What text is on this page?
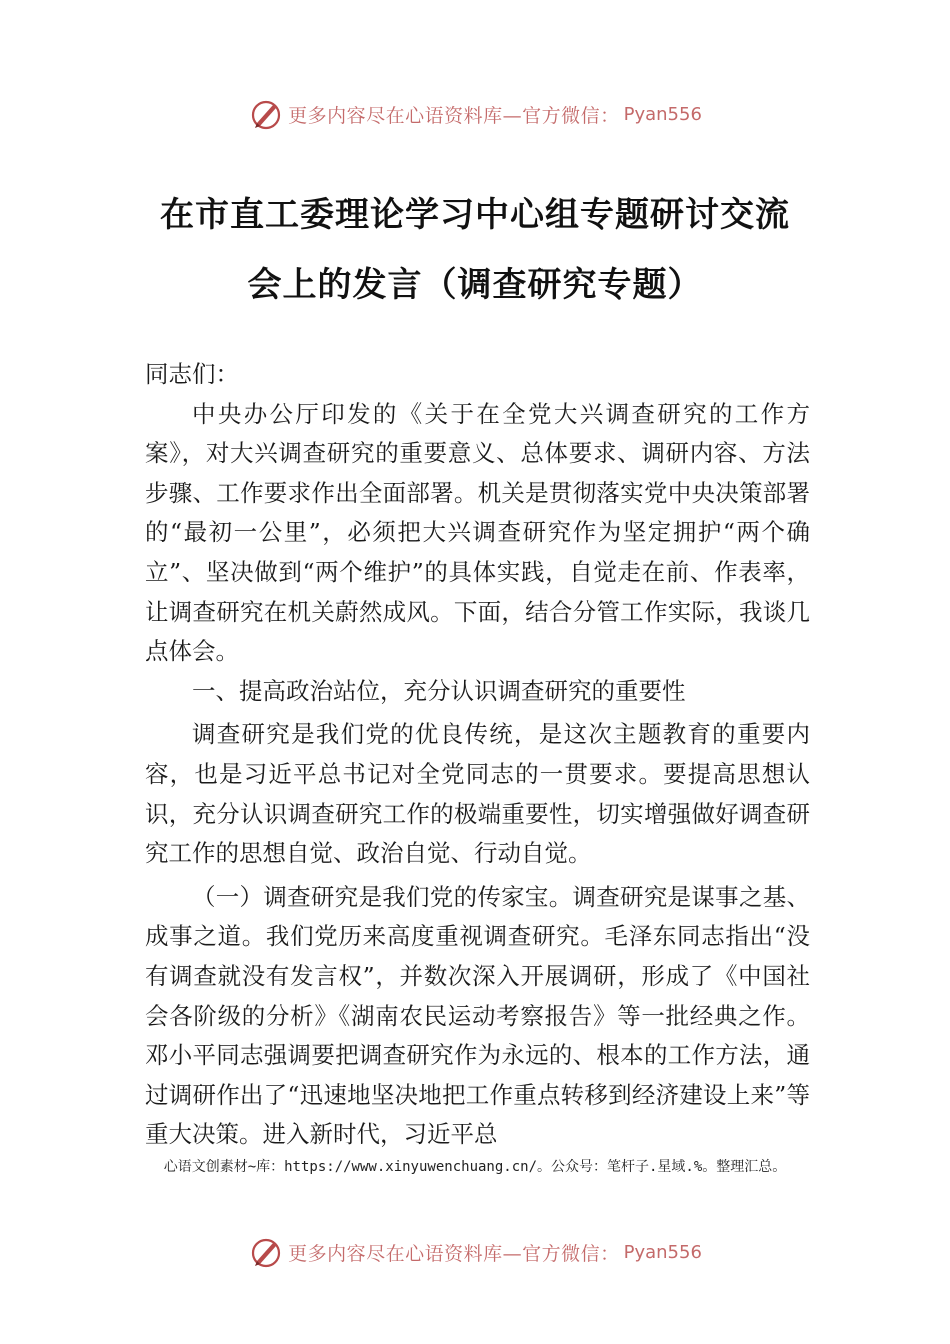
更多内容尽在心语资料库—官方微信： Pyan556
在市直工委理论学习中心组专题研讨交流
会上的发言（调查研究专题）

同志们：

中央办公厅印发的《关于在全党大兴调查研究的工作方案》，对大兴调查研究的重要意义、总体要求、调研内容、方法步骤、工作要求作出全面部署。机关是贯彻落实党中央决策部署的“最初一公里”，必须把大兴调查研究作为坚定拥护“两个确立”、坚决做到“两个维护”的具体实践，自觉走在前、作表率，让调查研究在机关蔚然成风。下面，结合分管工作实际，我谈几点体会。

一、提高政治站位，充分认识调查研究的重要性

调查研究是我们党的优良传统，是这次主题教育的重要内容，也是习近平总书记对全党同志的一贯要求。要提高思想认识，充分认识调查研究工作的极端重要性，切实增强做好调查研究工作的思想自觉、政治自觉、行动自觉。

（一）调查研究是我们党的传家宝。调查研究是谋事之基、成事之道。我们党历来高度重视调查研究。毛泽东同志指出“没有调查就没有发言权”，并数次深入开展调研，形成了《中国社会各阶级的分析》《湖南农民运动考察报告》等一批经典之作。邓小平同志强调要把调查研究作为永远的、根本的工作方法，通过调研作出了“迅速地坚决地把工作重点转移到经济建设上来”等重大决策。进入新时代，习近平总

心语文创素材~库：https://www.xinyuwenchuang.cn/。公众号：笔杆子.星域.%。整理汇总。
更多内容尽在心语资料库—官方微信： Pyan556
